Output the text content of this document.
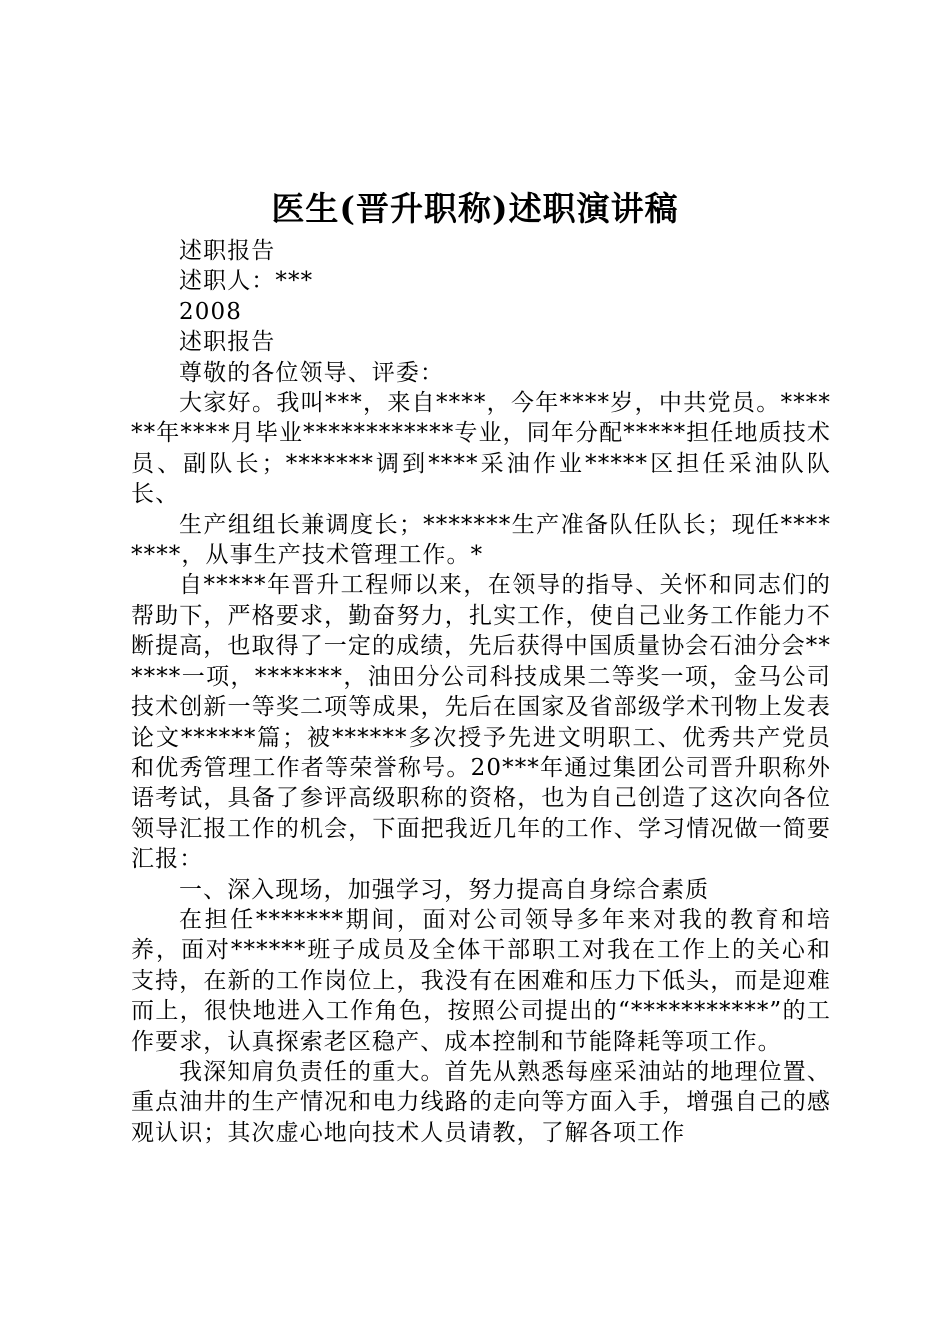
医生(晋升职称)述职演讲稿

述职报告

述职人：***

2008

述职报告

尊敬的各位领导、评委：

大家好。我叫***，来自****，今年****岁，中共党员。******年****月毕业************专业，同年分配*****担任地质技术员、副队长；*******调到****采油作业*****区担任采油队队长、

生产组组长兼调度长；*******生产准备队任队长；现任********，从事生产技术管理工作。*

自*****年晋升工程师以来，在领导的指导、关怀和同志们的帮助下，严格要求，勤奋努力，扎实工作，使自己业务工作能力不断提高，也取得了一定的成绩，先后获得中国质量协会石油分会******一项，*******，油田分公司科技成果二等奖一项，金马公司技术创新一等奖二项等成果，先后在国家及省部级学术刊物上发表论文******篇；被******多次授予先进文明职工、优秀共产党员和优秀管理工作者等荣誉称号。20***年通过集团公司晋升职称外语考试，具备了参评高级职称的资格，也为自己创造了这次向各位领导汇报工作的机会，下面把我近几年的工作、学习情况做一简要汇报：

一、深入现场，加强学习，努力提高自身综合素质

在担任*******期间，面对公司领导多年来对我的教育和培养，面对******班子成员及全体干部职工对我在工作上的关心和支持，在新的工作岗位上，我没有在困难和压力下低头，而是迎难而上，很快地进入工作角色，按照公司提出的“***********”的工作要求，认真探索老区稳产、成本控制和节能降耗等项工作。

我深知肩负责任的重大。首先从熟悉每座采油站的地理位置、重点油井的生产情况和电力线路的走向等方面入手，增强自己的感观认识；其次虚心地向技术人员请教，了解各项工作
